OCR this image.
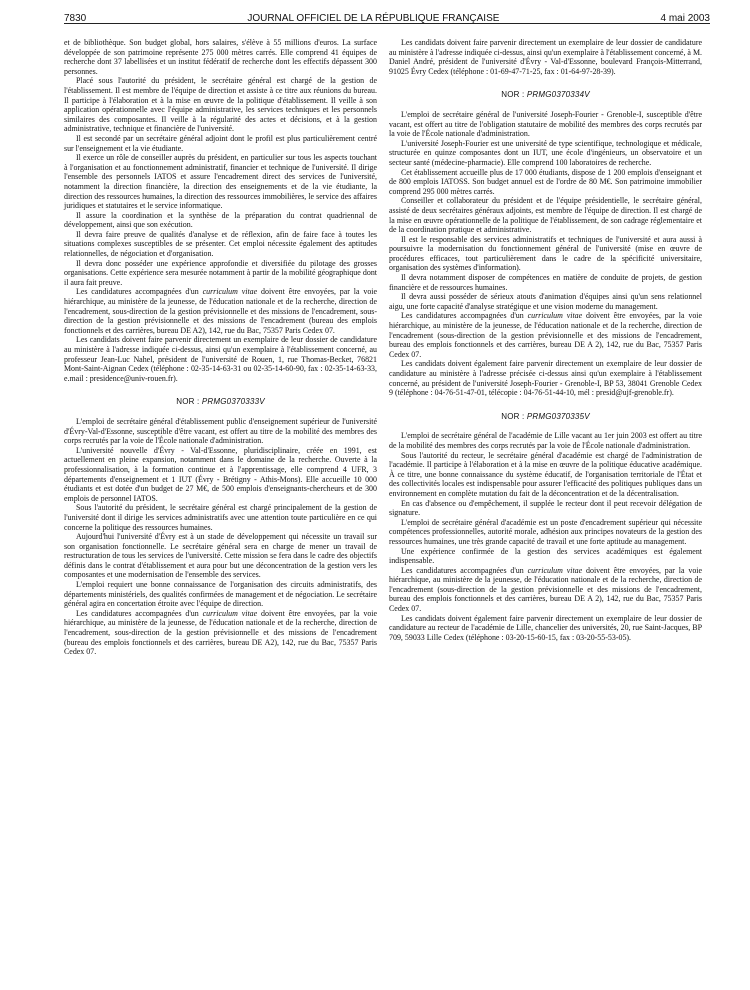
7830	JOURNAL OFFICIEL DE LA RÉPUBLIQUE FRANÇAISE	4 mai 2003

et de bibliothèque. Son budget global, hors salaires, s'élève à 55 millions d'euros. La surface développée de son patrimoine représente 275 000 mètres carrés. Elle comprend 41 équipes de recherche dont 37 labellisées et un institut fédératif de recherche dont les effectifs dépassent 300 personnes.

Placé sous l'autorité du président, le secrétaire général est chargé de la gestion de l'établissement. Il est membre de l'équipe de direction et assiste à ce titre aux réunions du bureau. Il participe à l'élaboration et à la mise en œuvre de la politique d'établissement. Il veille à son application opérationnelle avec l'équipe administrative, les services techniques et les personnels similaires des composantes. Il veille à la régularité des actes et décisions, et à la gestion administrative, technique et financière de l'université.

Il est secondé par un secrétaire général adjoint dont le profil est plus particulièrement centré sur l'enseignement et la vie étudiante.

Il exerce un rôle de conseiller auprès du président, en particulier sur tous les aspects touchant à l'organisation et au fonctionnement administratif, financier et technique de l'université. Il dirige l'ensemble des personnels IATOS et assure l'encadrement direct des services de l'université, notamment la direction financière, la direction des enseignements et de la vie étudiante, la direction des ressources humaines, la direction des ressources immobilières, le service des affaires juridiques et statutaires et le service informatique.

Il assure la coordination et la synthèse de la préparation du contrat quadriennal de développement, ainsi que son exécution.

Il devra faire preuve de qualités d'analyse et de réflexion, afin de faire face à toutes les situations complexes susceptibles de se présenter. Cet emploi nécessite également des aptitudes relationnelles, de négociation et d'organisation.

Il devra donc posséder une expérience approfondie et diversifiée du pilotage des grosses organisations. Cette expérience sera mesurée notamment à partir de la mobilité géographique dont il aura fait preuve.

Les candidatures accompagnées d'un curriculum vitae doivent être envoyées, par la voie hiérarchique, au ministère de la jeunesse, de l'éducation nationale et de la recherche, direction de l'encadrement, sous-direction de la gestion prévisionnelle et des missions de l'encadrement, sous-direction de la gestion prévisionnelle et des missions de l'encadrement (bureau des emplois fonctionnels et des carrières, bureau DE A2), 142, rue du Bac, 75357 Paris Cedex 07.

Les candidats doivent faire parvenir directement un exemplaire de leur dossier de candidature au ministère à l'adresse indiquée ci-dessus, ainsi qu'un exemplaire à l'établissement concerné, au professeur Jean-Luc Nahel, président de l'université de Rouen, 1, rue Thomas-Becket, 76821 Mont-Saint-Aignan Cedex (téléphone : 02-35-14-63-31 ou 02-35-14-60-90, fax : 02-35-14-63-33, e.mail : presidence@univ-rouen.fr).

NOR : PRMG0370333V

L'emploi de secrétaire général d'établissement public d'enseignement supérieur de l'université d'Évry-Val-d'Essonne, susceptible d'être vacant, est offert au titre de la mobilité des membres des corps recrutés par la voie de l'École nationale d'administration.

L'université nouvelle d'Évry - Val-d'Essonne, pluridisciplinaire, créée en 1991, est actuellement en pleine expansion, notamment dans le domaine de la recherche. Ouverte à la professionnalisation, à la formation continue et à l'apprentissage, elle comprend 4 UFR, 3 départements d'enseignement et 1 IUT (Évry - Brétigny - Athis-Mons). Elle accueille 10 000 étudiants et est dotée d'un budget de 27 M€, de 500 emplois d'enseignants-chercheurs et de 300 emplois de personnel IATOS.

Sous l'autorité du président, le secrétaire général est chargé principalement de la gestion de l'université dont il dirige les services administratifs avec une attention toute particulière en ce qui concerne la politique des ressources humaines.

Aujourd'hui l'université d'Évry est à un stade de développement qui nécessite un travail sur son organisation fonctionnelle. Le secrétaire général sera en charge de mener un travail de restructuration de tous les services de l'université. Cette mission se fera dans le cadre des objectifs définis dans le contrat d'établissement et aura pour but une déconcentration de la gestion vers les composantes et une modernisation de l'ensemble des services.

L'emploi requiert une bonne connaissance de l'organisation des circuits administratifs, des départements ministériels, des qualités confirmées de management et de négociation. Le secrétaire général agira en concertation étroite avec l'équipe de direction.

Les candidatures accompagnées d'un curriculum vitae doivent être envoyées, par la voie hiérarchique, au ministère de la jeunesse, de l'éducation nationale et de la recherche, direction de l'encadrement, sous-direction de la gestion prévisionnelle et des missions de l'encadrement (bureau des emplois fonctionnels et des carrières, bureau DE A2), 142, rue du Bac, 75357 Paris Cedex 07.

Les candidats doivent faire parvenir directement un exemplaire de leur dossier de candidature au ministère à l'adresse indiquée ci-dessus, ainsi qu'un exemplaire à l'établissement concerné, à M. Daniel André, président de l'université d'Évry - Val-d'Essonne, boulevard François-Mitterrand, 91025 Évry Cedex (téléphone : 01-69-47-71-25, fax : 01-64-97-28-39).

NOR : PRMG0370334V

L'emploi de secrétaire général de l'université Joseph-Fourier - Grenoble-I, susceptible d'être vacant, est offert au titre de l'obligation statutaire de mobilité des membres des corps recrutés par la voie de l'École nationale d'administration.

L'université Joseph-Fourier est une université de type scientifique, technologique et médicale, structurée en quinze composantes dont un IUT, une école d'ingénieurs, un observatoire et un secteur santé (médecine-pharmacie). Elle comprend 100 laboratoires de recherche.

Cet établissement accueille plus de 17 000 étudiants, dispose de 1 200 emplois d'enseignant et de 800 emplois IATOSS. Son budget annuel est de l'ordre de 80 M€. Son patrimoine immobilier comprend 295 000 mètres carrés.

Conseiller et collaborateur du président et de l'équipe présidentielle, le secrétaire général, assisté de deux secrétaires généraux adjoints, est membre de l'équipe de direction. Il est chargé de la mise en œuvre opérationnelle de la politique de l'établissement, de son cadrage réglementaire et de la coordination pratique et administrative.

Il est le responsable des services administratifs et techniques de l'université et aura aussi à poursuivre la modernisation du fonctionnement général de l'université (mise en œuvre de procédures efficaces, tout particulièrement dans le cadre de la spécificité universitaire, organisation des systèmes d'information).

Il devra notamment disposer de compétences en matière de conduite de projets, de gestion financière et de ressources humaines.

Il devra aussi posséder de sérieux atouts d'animation d'équipes ainsi qu'un sens relationnel aigu, une forte capacité d'analyse stratégique et une vision moderne du management.

Les candidatures accompagnées d'un curriculum vitae doivent être envoyées, par la voie hiérarchique, au ministère de la jeunesse, de l'éducation nationale et de la recherche, direction de l'encadrement (sous-direction de la gestion prévisionnelle et des missions de l'encadrement, bureau des emplois fonctionnels et des carrières, bureau DE A 2), 142, rue du Bac, 75357 Paris Cedex 07.

Les candidats doivent également faire parvenir directement un exemplaire de leur dossier de candidature au ministère à l'adresse précisée ci-dessus ainsi qu'un exemplaire à l'établissement concerné, au président de l'université Joseph-Fourier - Grenoble-I, BP 53, 38041 Grenoble Cedex 9 (téléphone : 04-76-51-47-01, télécopie : 04-76-51-44-10, mél : presid@ujf-grenoble.fr).

NOR : PRMG0370335V

L'emploi de secrétaire général de l'académie de Lille vacant au 1er juin 2003 est offert au titre de la mobilité des membres des corps recrutés par la voie de l'École nationale d'administration.

Sous l'autorité du recteur, le secrétaire général d'académie est chargé de l'administration de l'académie. Il participe à l'élaboration et à la mise en œuvre de la politique éducative académique. À ce titre, une bonne connaissance du système éducatif, de l'organisation territoriale de l'État et des collectivités locales est indispensable pour assurer l'efficacité des politiques publiques dans un environnement en complète mutation du fait de la déconcentration et de la décentralisation.

En cas d'absence ou d'empêchement, il supplée le recteur dont il peut recevoir délégation de signature.

L'emploi de secrétaire général d'académie est un poste d'encadrement supérieur qui nécessite compétences professionnelles, autorité morale, adhésion aux principes novateurs de la gestion des ressources humaines, une très grande capacité de travail et une forte aptitude au management.

Une expérience confirmée de la gestion des services académiques est également indispensable.

Les candidatures accompagnées d'un curriculum vitae doivent être envoyées, par la voie hiérarchique, au ministère de la jeunesse, de l'éducation nationale et de la recherche, direction de l'encadrement (sous-direction de la gestion prévisionnelle et des missions de l'encadrement, bureau des emplois fonctionnels et des carrières, bureau DE A 2), 142, rue du Bac, 75357 Paris Cedex 07.

Les candidats doivent également faire parvenir directement un exemplaire de leur dossier de candidature au recteur de l'académie de Lille, chancelier des universités, 20, rue Saint-Jacques, BP 709, 59033 Lille Cedex (téléphone : 03-20-15-60-15, fax : 03-20-55-53-05).
